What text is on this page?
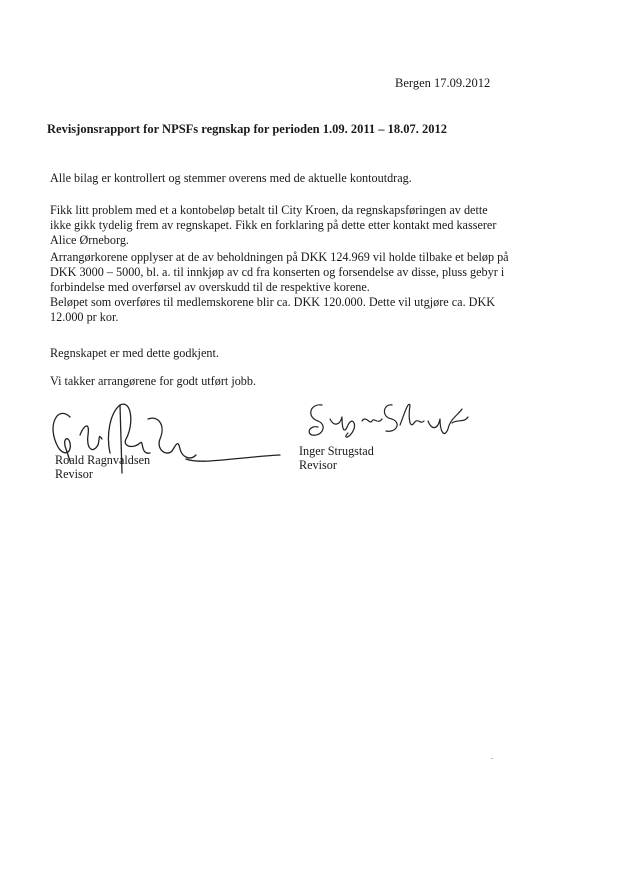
Bergen 17.09.2012
Revisjonsrapport for NPSFs regnskap for perioden 1.09. 2011 – 18.07. 2012

Alle bilag er kontrollert og stemmer overens med de aktuelle kontoutdrag.

Fikk litt problem med et a kontobeløp betalt til City Kroen, da regnskapsføringen av dette
ikke gikk tydelig frem av regnskapet. Fikk en forklaring på dette etter kontakt med kasserer
Alice Ørneborg.

Arrangørkorene opplyser at de av beholdningen på DKK 124.969 vil holde tilbake et beløp på
DKK 3000 – 5000, bl. a. til innkjøp av cd fra konserten og forsendelse av disse, pluss gebyr i
forbindelse med overførsel av overskudd til de respektive korene.
Beløpet som overføres til medlemskorene blir ca. DKK 120.000. Dette vil utgjøre ca. DKK
12.000 pr kor.

Regnskapet er med dette godkjent.

Vi takker arrangørene for godt utført jobb.

Roald Ragnvaldsen
Revisor
Inger Strugstad
Revisor
